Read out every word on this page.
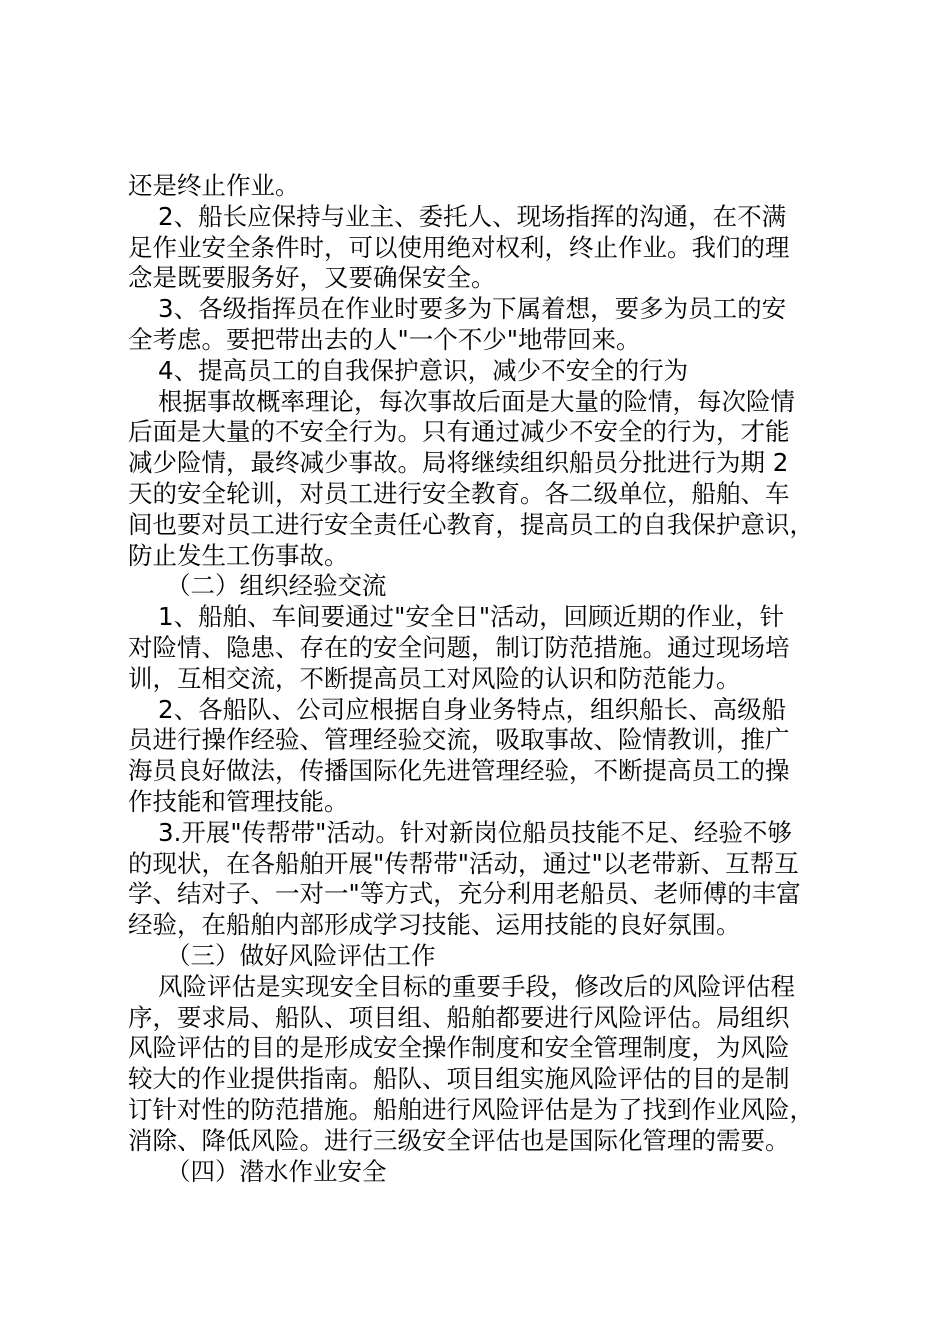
还是终止作业。
2、船长应保持与业主、委托人、现场指挥的沟通，在不满
足作业安全条件时，可以使用绝对权利，终止作业。我们的理
念是既要服务好，又要确保安全。
3、各级指挥员在作业时要多为下属着想，要多为员工的安
全考虑。要把带出去的人"一个不少"地带回来。
4、提高员工的自我保护意识，减少不安全的行为
根据事故概率理论，每次事故后面是大量的险情，每次险情
后面是大量的不安全行为。只有通过减少不安全的行为，才能
减少险情，最终减少事故。局将继续组织船员分批进行为期 2
天的安全轮训，对员工进行安全教育。各二级单位，船舶、车
间也要对员工进行安全责任心教育，提高员工的自我保护意识，
防止发生工伤事故。
（二）组织经验交流
1、船舶、车间要通过"安全日"活动，回顾近期的作业，针
对险情、隐患、存在的安全问题，制订防范措施。通过现场培
训，互相交流，不断提高员工对风险的认识和防范能力。
2、各船队、公司应根据自身业务特点，组织船长、高级船
员进行操作经验、管理经验交流，吸取事故、险情教训，推广
海员良好做法，传播国际化先进管理经验，不断提高员工的操
作技能和管理技能。
3.开展"传帮带"活动。针对新岗位船员技能不足、经验不够
的现状，在各船舶开展"传帮带"活动，通过"以老带新、互帮互
学、结对子、一对一"等方式，充分利用老船员、老师傅的丰富
经验，在船舶内部形成学习技能、运用技能的良好氛围。
（三）做好风险评估工作
风险评估是实现安全目标的重要手段，修改后的风险评估程
序，要求局、船队、项目组、船舶都要进行风险评估。局组织
风险评估的目的是形成安全操作制度和安全管理制度，为风险
较大的作业提供指南。船队、项目组实施风险评估的目的是制
订针对性的防范措施。船舶进行风险评估是为了找到作业风险，
消除、降低风险。进行三级安全评估也是国际化管理的需要。
（四）潜水作业安全
